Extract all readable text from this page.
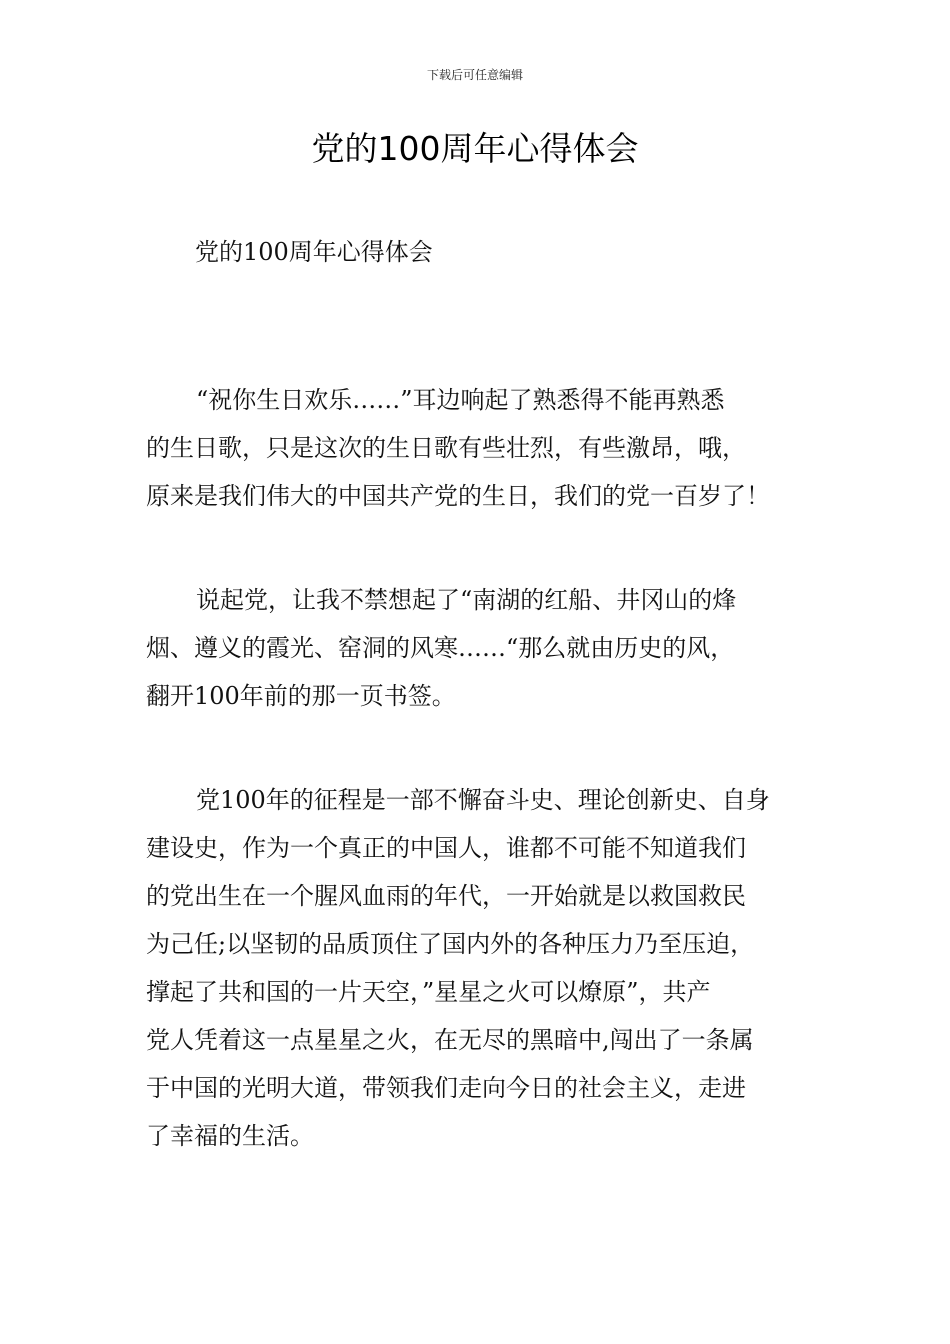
下载后可任意编辑
党的100周年心得体会
党的100周年心得体会
“祝你生日欢乐……”耳边响起了熟悉得不能再熟悉
的生日歌，只是这次的生日歌有些壮烈，有些激昂，哦，
原来是我们伟大的中国共产党的生日，我们的党一百岁了！
说起党，让我不禁想起了“南湖的红船、井冈山的烽
烟、遵义的霞光、窑洞的风寒……“那么就由历史的风，
翻开100年前的那一页书签。
党100年的征程是一部不懈奋斗史、理论创新史、自身
建设史，作为一个真正的中国人，谁都不可能不知道我们
的党出生在一个腥风血雨的年代，一开始就是以救国救民
为己任;以坚韧的品质顶住了国内外的各种压力乃至压迫，
撑起了共和国的一片天空，”星星之火可以燎原”，共产
党人凭着这一点星星之火，在无尽的黑暗中,闯出了一条属
于中国的光明大道，带领我们走向今日的社会主义，走进
了幸福的生活。
